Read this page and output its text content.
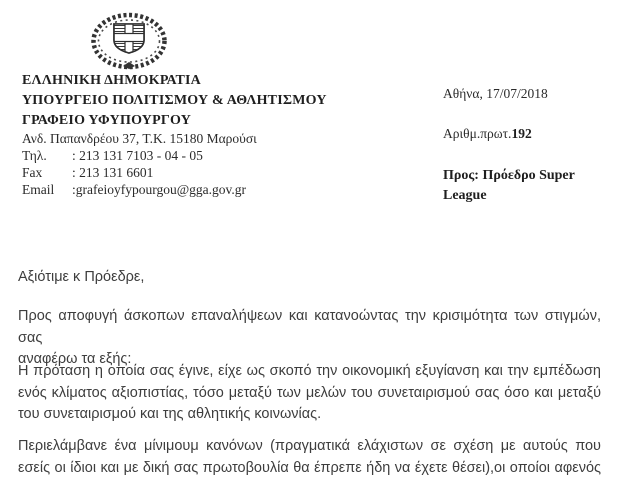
ΕΛΛΗΝΙΚΗ ΔΗΜΟΚΡΑΤΙΑ
ΥΠΟΥΡΓΕΙΟ ΠΟΛΙΤΙΣΜΟΥ & ΑΘΛΗΤΙΣΜΟΥ
ΓΡΑΦΕΙΟ ΥΦΥΠΟΥΡΓΟΥ
Ανδ. Παπανδρέου 37, Τ.Κ. 15180 Μαρούσι
Τηλ.	: 213 131 7103 - 04 - 05
Fax	: 213 131 6601
Email	:grafeioyfypourgou@gga.gov.gr
Αθήνα, 17/07/2018
Αριθμ.πρωτ.192
Προς: Πρόεδρο Super League
Αξιότιμε κ Πρόεδρε,
Προς αποφυγή άσκοπων επαναλήψεων και κατανοώντας την κρισιμότητα των στιγμών, σας
αναφέρω τα εξής:
Η πρόταση η οποία σας έγινε, είχε ως σκοπό την οικονομική εξυγίανση και την εμπέδωση
ενός κλίματος αξιοπιστίας, τόσο μεταξύ των μελών του συνεταιρισμού σας όσο και μεταξύ
του συνεταιρισμού και της αθλητικής κοινωνίας.
Περιελάμβανε ένα μίνιμουμ κανόνων (πραγματικά ελάχιστων σε σχέση με αυτούς που
εσείς οι ίδιοι και με δική σας πρωτοβουλία θα έπρεπε ήδη να έχετε θέσει),οι οποίοι αφενός
